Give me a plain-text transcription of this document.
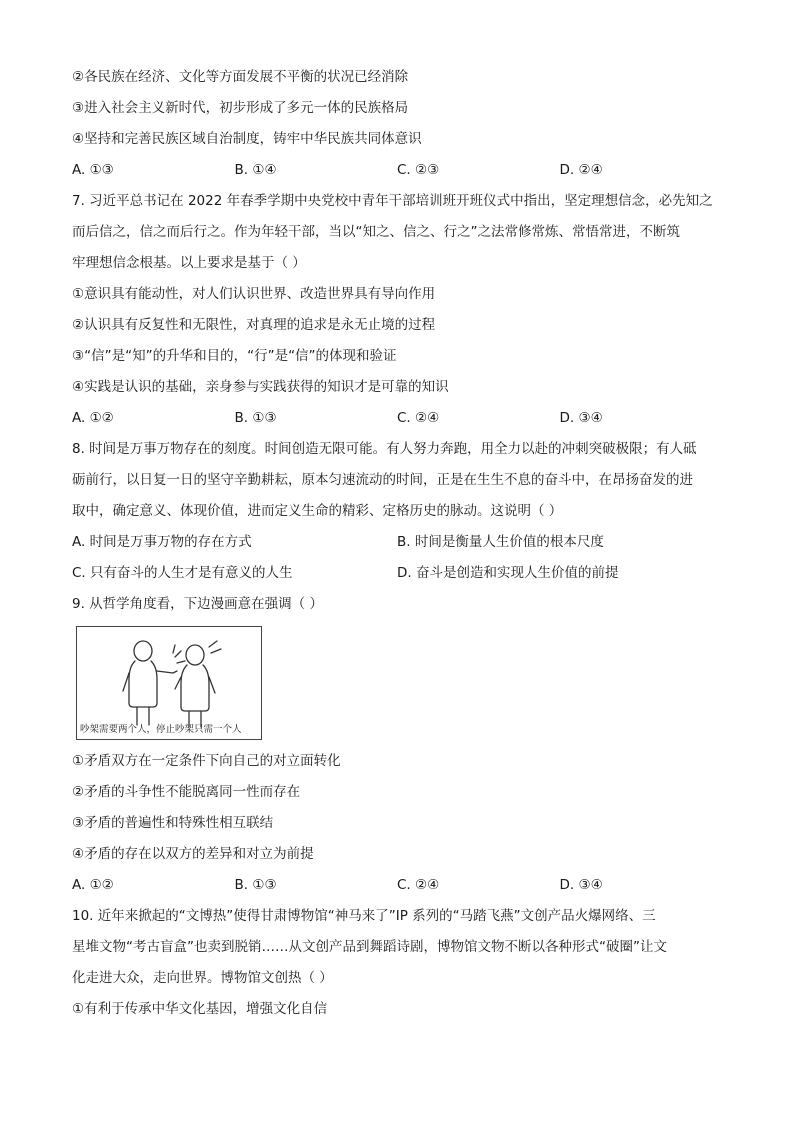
②各民族在经济、文化等方面发展不平衡的状况已经消除
③进入社会主义新时代，初步形成了多元一体的民族格局
④坚持和完善民族区域自治制度，铸牢中华民族共同体意识
A. ①③	B. ①④	C. ②③	D. ②④
7. 习近平总书记在 2022 年春季学期中央党校中青年干部培训班开班仪式中指出，坚定理想信念，必先知之
而后信之，信之而后行之。作为年轻干部，当以“知之、信之、行之”之法常修常炼、常悟常进，不断筑
牢理想信念根基。以上要求是基于（ ）
①意识具有能动性，对人们认识世界、改造世界具有导向作用
②认识具有反复性和无限性，对真理的追求是永无止境的过程
③“信”是“知”的升华和目的，“行”是“信”的体现和验证
④实践是认识的基础，亲身参与实践获得的知识才是可靠的知识
A. ①②	B. ①③	C. ②④	D. ③④
8. 时间是万事万物存在的刻度。时间创造无限可能。有人努力奔跑，用全力以赴的冲刺突破极限；有人砥
砺前行，以日复一日的坚守辛勤耕耘，原本匀速流动的时间，正是在生生不息的奋斗中，在昂扬奋发的进
取中，确定意义、体现价值，进而定义生命的精彩、定格历史的脉动。这说明（ ）
A. 时间是万事万物的存在方式	B. 时间是衡量人生价值的根本尺度
C. 只有奋斗的人生才是有意义的人生	D. 奋斗是创造和实现人生价值的前提
9. 从哲学角度看，下边漫画意在强调（ ）
吵架需要两个人，停止吵架只需一个人
①矛盾双方在一定条件下向自己的对立面转化
②矛盾的斗争性不能脱离同一性而存在
③矛盾的普遍性和特殊性相互联结
④矛盾的存在以双方的差异和对立为前提
A. ①②	B. ①③	C. ②④	D. ③④
10. 近年来掀起的“文博热”使得甘肃博物馆“神马来了”IP 系列的“马踏飞燕”文创产品火爆网络、三
星堆文物“考古盲盒”也卖到脱销……从文创产品到舞蹈诗剧，博物馆文物不断以各种形式“破圈”让文
化走进大众，走向世界。博物馆文创热（ ）
①有利于传承中华文化基因，增强文化自信
